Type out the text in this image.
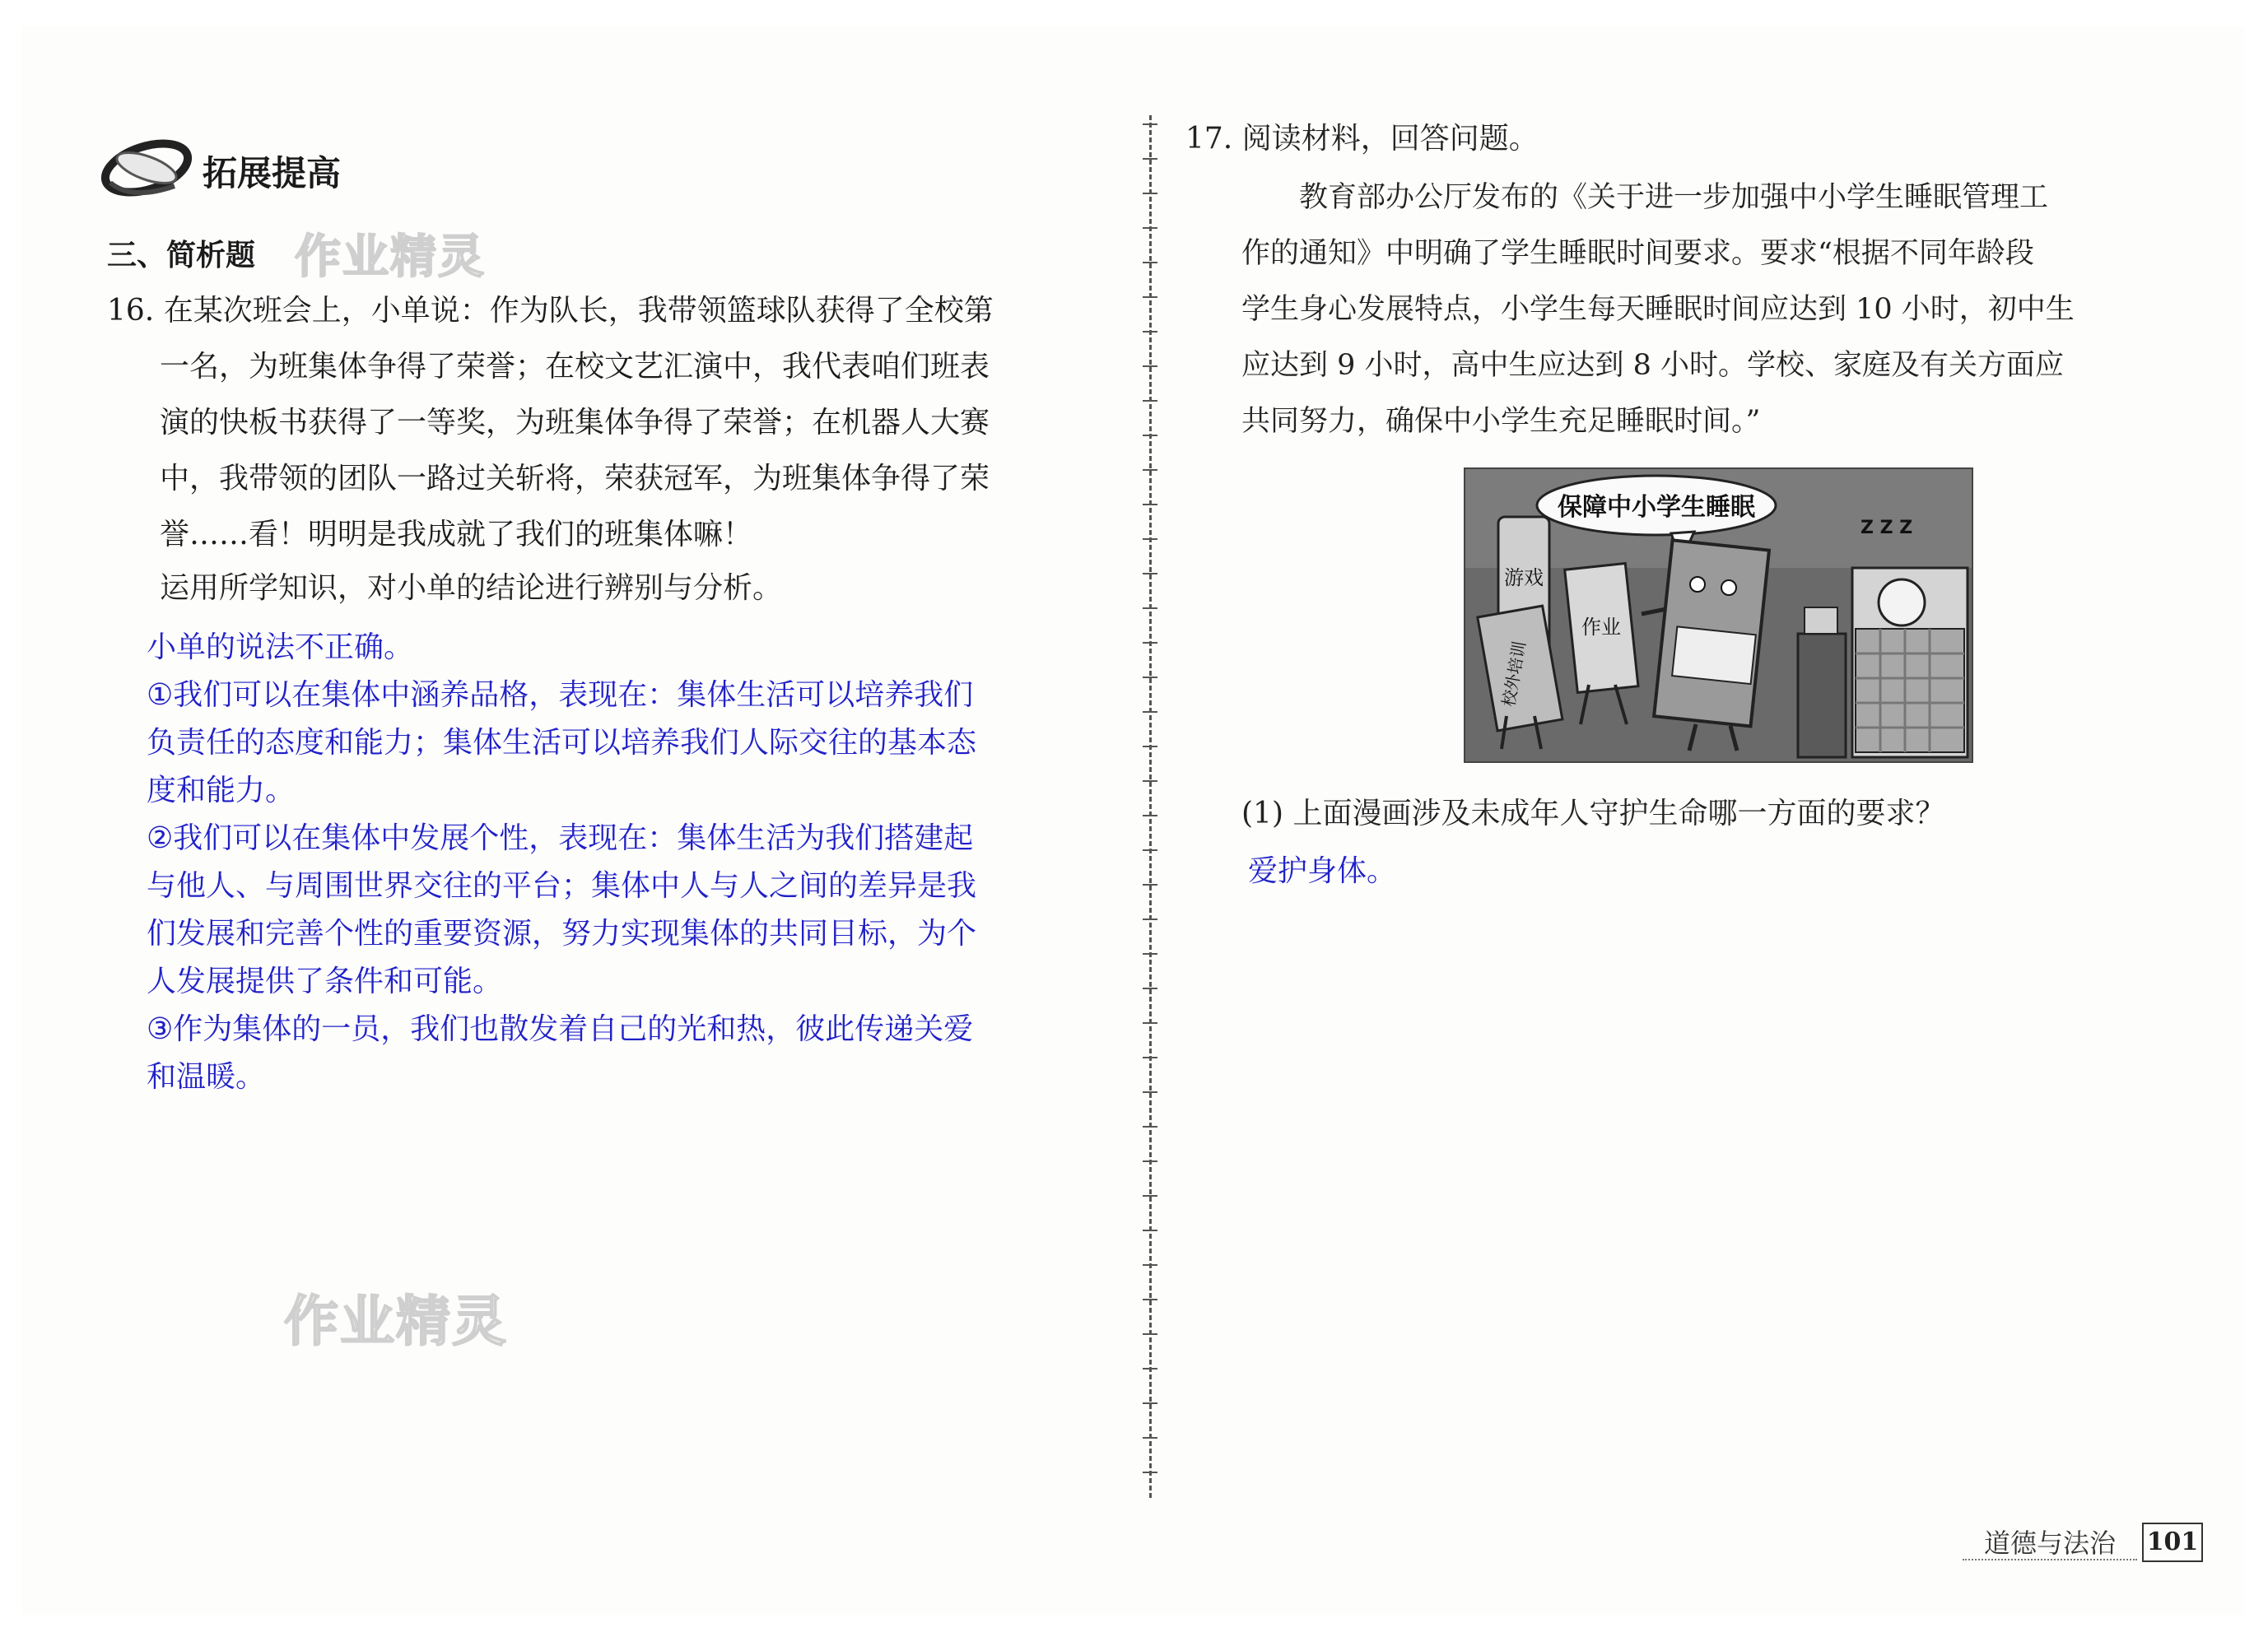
拓展提高
三、简析题 作业精灵
作业精灵
16. 在某次班会上，小单说：作为队长，我带领篮球队获得了全校第
一名，为班集体争得了荣誉；在校文艺汇演中，我代表咱们班表
演的快板书获得了一等奖，为班集体争得了荣誉；在机器人大赛
中，我带领的团队一路过关斩将，荣获冠军，为班集体争得了荣
誉……看！明明是我成就了我们的班集体嘛！
运用所学知识，对小单的结论进行辨别与分析。

小单的说法不正确。

①我们可以在集体中涵养品格，表现在：集体生活可以培养我们

负责任的态度和能力；集体生活可以培养我们人际交往的基本态

度和能力。

②我们可以在集体中发展个性，表现在：集体生活为我们搭建起

与他人、与周围世界交往的平台；集体中人与人之间的差异是我

们发展和完善个性的重要资源，努力实现集体的共同目标，为个

人发展提供了条件和可能。

③作为集体的一员，我们也散发着自己的光和热，彼此传递关爱

和温暖。

17. 阅读材料，回答问题。
教育部办公厅发布的《关于进一步加强中小学生睡眠管理工
作的通知》中明确了学生睡眠时间要求。要求“根据不同年龄段
学生身心发展特点，小学生每天睡眠时间应达到 10 小时，初中生
应达到 9 小时，高中生应达到 8 小时。学校、家庭及有关方面应
共同努力，确保中小学生充足睡眠时间。”
保障中小学生睡眠
游戏
作业
校外培训
Z Z Z
(1) 上面漫画涉及未成年人守护生命哪一方面的要求？
爱护身体。
道德与法治 101
